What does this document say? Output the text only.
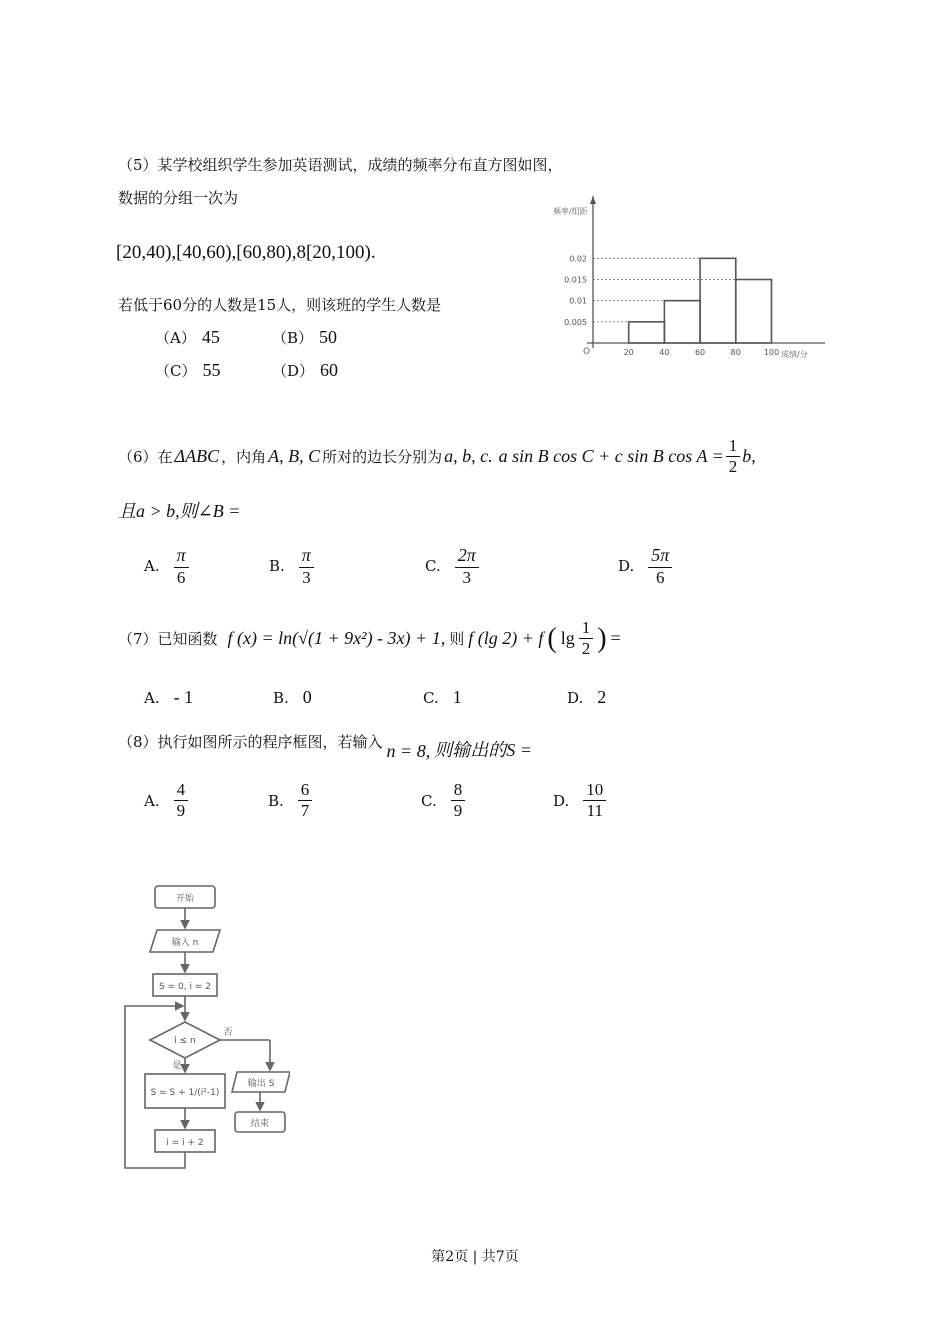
（5）某学校组织学生参加英语测试，成绩的频率分布直方图如图，
数据的分组一次为
[20,40),[40,60),[60,80),8[20,100).
若低于60分的人数是15人，则该班的学生人数是
（A） 45	（B） 50
（C） 55	（D） 60
频率/组距
成绩/分
O
0.005
0.01
0.015
0.02
20	40	60	80	100
（6）在 ΔABC ，内角 A, B, C 所对的边长分别为 a, b, c. a sin B cos C + c sin B $\cos A = \frac{1}{2} b$,
且a > b,则∠B =
A. $\frac{\pi}{6}$	B. $\frac{\pi}{3}$	C. $\frac{2\pi}{3}$	D. $\frac{5\pi}{6}$
（7）已知函数 f (x) = ln(√(1 + 9x²) - 3x) + 1, 则 f (lg 2) + f ( $\lg \frac{1}{2}$ ) =
A. - 1	B. 0	C. 1	D. 2
（8）执行如图所示的程序框图，若输入 n = 8, 则输出的S =
A. $\frac{4}{9}$	B. $\frac{6}{7}$	C. $\frac{8}{9}$	D. $\frac{10}{11}$
开始
输入 n
S = 0, i = 2
i ≤ n
是
否
S = S + 1/(i²-1)
输出 S
结束
i = i + 2
第2页 | 共7页
